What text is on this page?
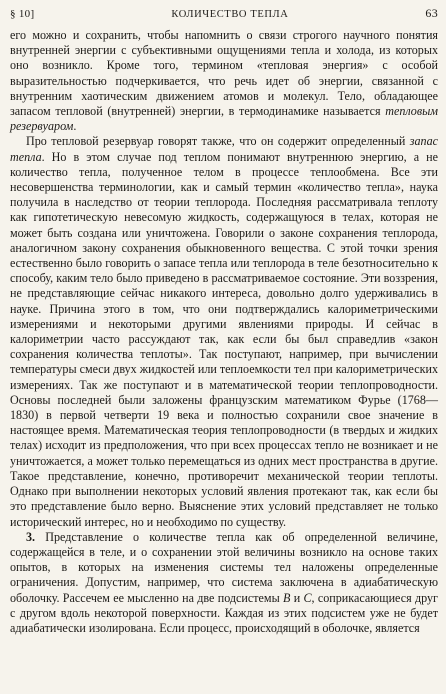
§ 10]	КОЛИЧЕСТВО ТЕПЛА	63

его можно и сохранить, чтобы напомнить о связи строгого научного понятия внутренней энергии с субъективными ощущениями тепла и холода, из которых оно возникло. Кроме того, термином «тепловая энергия» с особой выразительностью подчеркивается, что речь идет об энергии, связанной с внутренним хаотическим движением атомов и молекул. Тело, обладающее запасом тепловой (внутренней) энергии, в термодинамике называется тепловым резервуаром.

Про тепловой резервуар говорят также, что он содержит определенный запас тепла. Но в этом случае под теплом понимают внутреннюю энергию, а не количество тепла, полученное телом в процессе теплообмена. Все эти несовершенства терминологии, как и самый термин «количество тепла», наука получила в наследство от теории теплорода. Последняя рассматривала теплоту как гипотетическую невесомую жидкость, содержащуюся в телах, которая не может быть создана или уничтожена. Говорили о законе сохранения теплорода, аналогичном закону сохранения обыкновенного вещества. С этой точки зрения естественно было говорить о запасе тепла или теплорода в теле безотносительно к способу, каким тело было приведено в рассматриваемое состояние. Эти воззрения, не представляющие сейчас никакого интереса, довольно долго удерживались в науке. Причина этого в том, что они подтверждались калориметрическими измерениями и некоторыми другими явлениями природы. И сейчас в калориметрии часто рассуждают так, как если бы был справедлив «закон сохранения количества теплоты». Так поступают, например, при вычислении температуры смеси двух жидкостей или теплоемкости тел при калориметрических измерениях. Так же поступают и в математической теории теплопроводности. Основы последней были заложены французским математиком Фурье (1768—1830) в первой четверти 19 века и полностью сохранили свое значение в настоящее время. Математическая теория теплопроводности (в твердых и жидких телах) исходит из предположения, что при всех процессах тепло не возникает и не уничтожается, а может только перемещаться из одних мест пространства в другие. Такое представление, конечно, противоречит механической теории теплоты. Однако при выполнении некоторых условий явления протекают так, как если бы это представление было верно. Выяснение этих условий представляет не только исторический интерес, но и необходимо по существу.

3. Представление о количестве тепла как об определенной величине, содержащейся в теле, и о сохранении этой величины возникло на основе таких опытов, в которых на изменения системы тел наложены определенные ограничения. Допустим, например, что система заключена в адиабатическую оболочку. Рассечем ее мысленно на две подсистемы B и C, соприкасающиеся друг с другом вдоль некоторой поверхности. Каждая из этих подсистем уже не будет адиабатически изолирована. Если процесс, происходящий в оболочке, является
